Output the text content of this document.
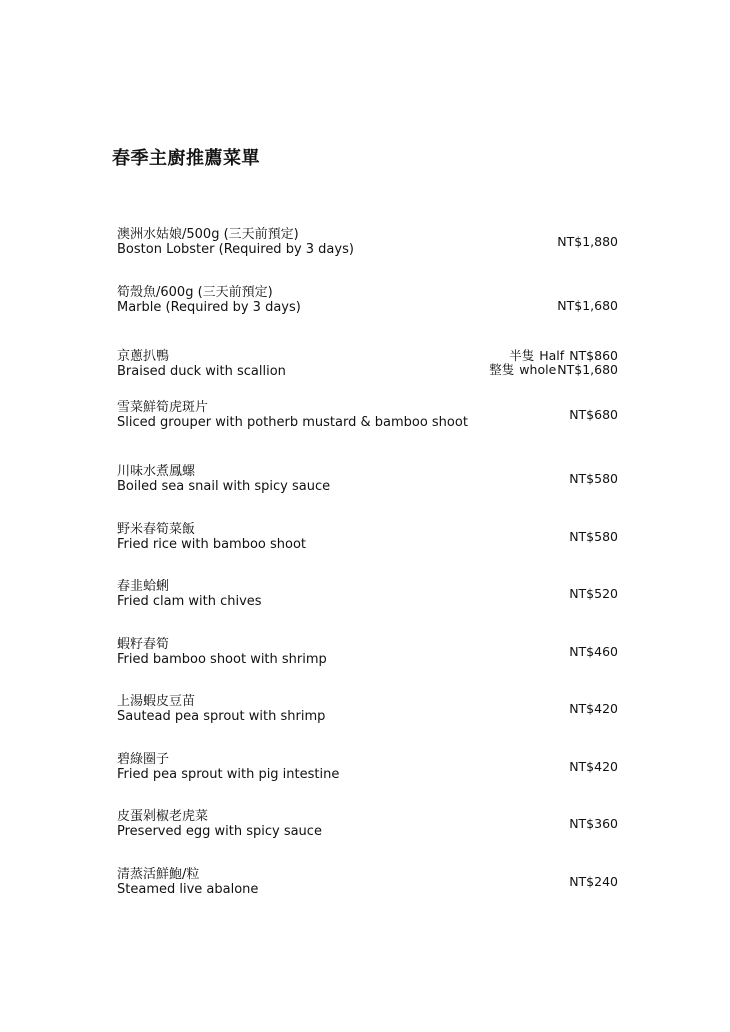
春季主廚推薦菜單
澳洲水姑娘/500g (三天前預定)
Boston Lobster (Required by 3 days)
NT$1,880
筍殼魚/600g (三天前預定)
Marble (Required by 3 days)	NT$1,680
京蔥扒鴨
Braised duck with scallion
半隻 Half NT$860
整隻 wholeNT$1,680
雪菜鮮筍虎斑片
Sliced grouper with potherb mustard & bamboo shoot
NT$680
川味水煮鳳螺
Boiled sea snail with spicy sauce
NT$580
野米春筍菜飯
Fried rice with bamboo shoot
NT$580
春韭蛤蜊
Fried clam with chives
NT$520
蝦籽春筍
Fried bamboo shoot with shrimp
NT$460
上湯蝦皮豆苗
Sautead pea sprout with shrimp
NT$420
碧綠圈子
Fried pea sprout with pig intestine
NT$420
皮蛋剁椒老虎菜
Preserved egg with spicy sauce
NT$360
清蒸活鮮鮑/粒
Steamed live abalone
NT$240
